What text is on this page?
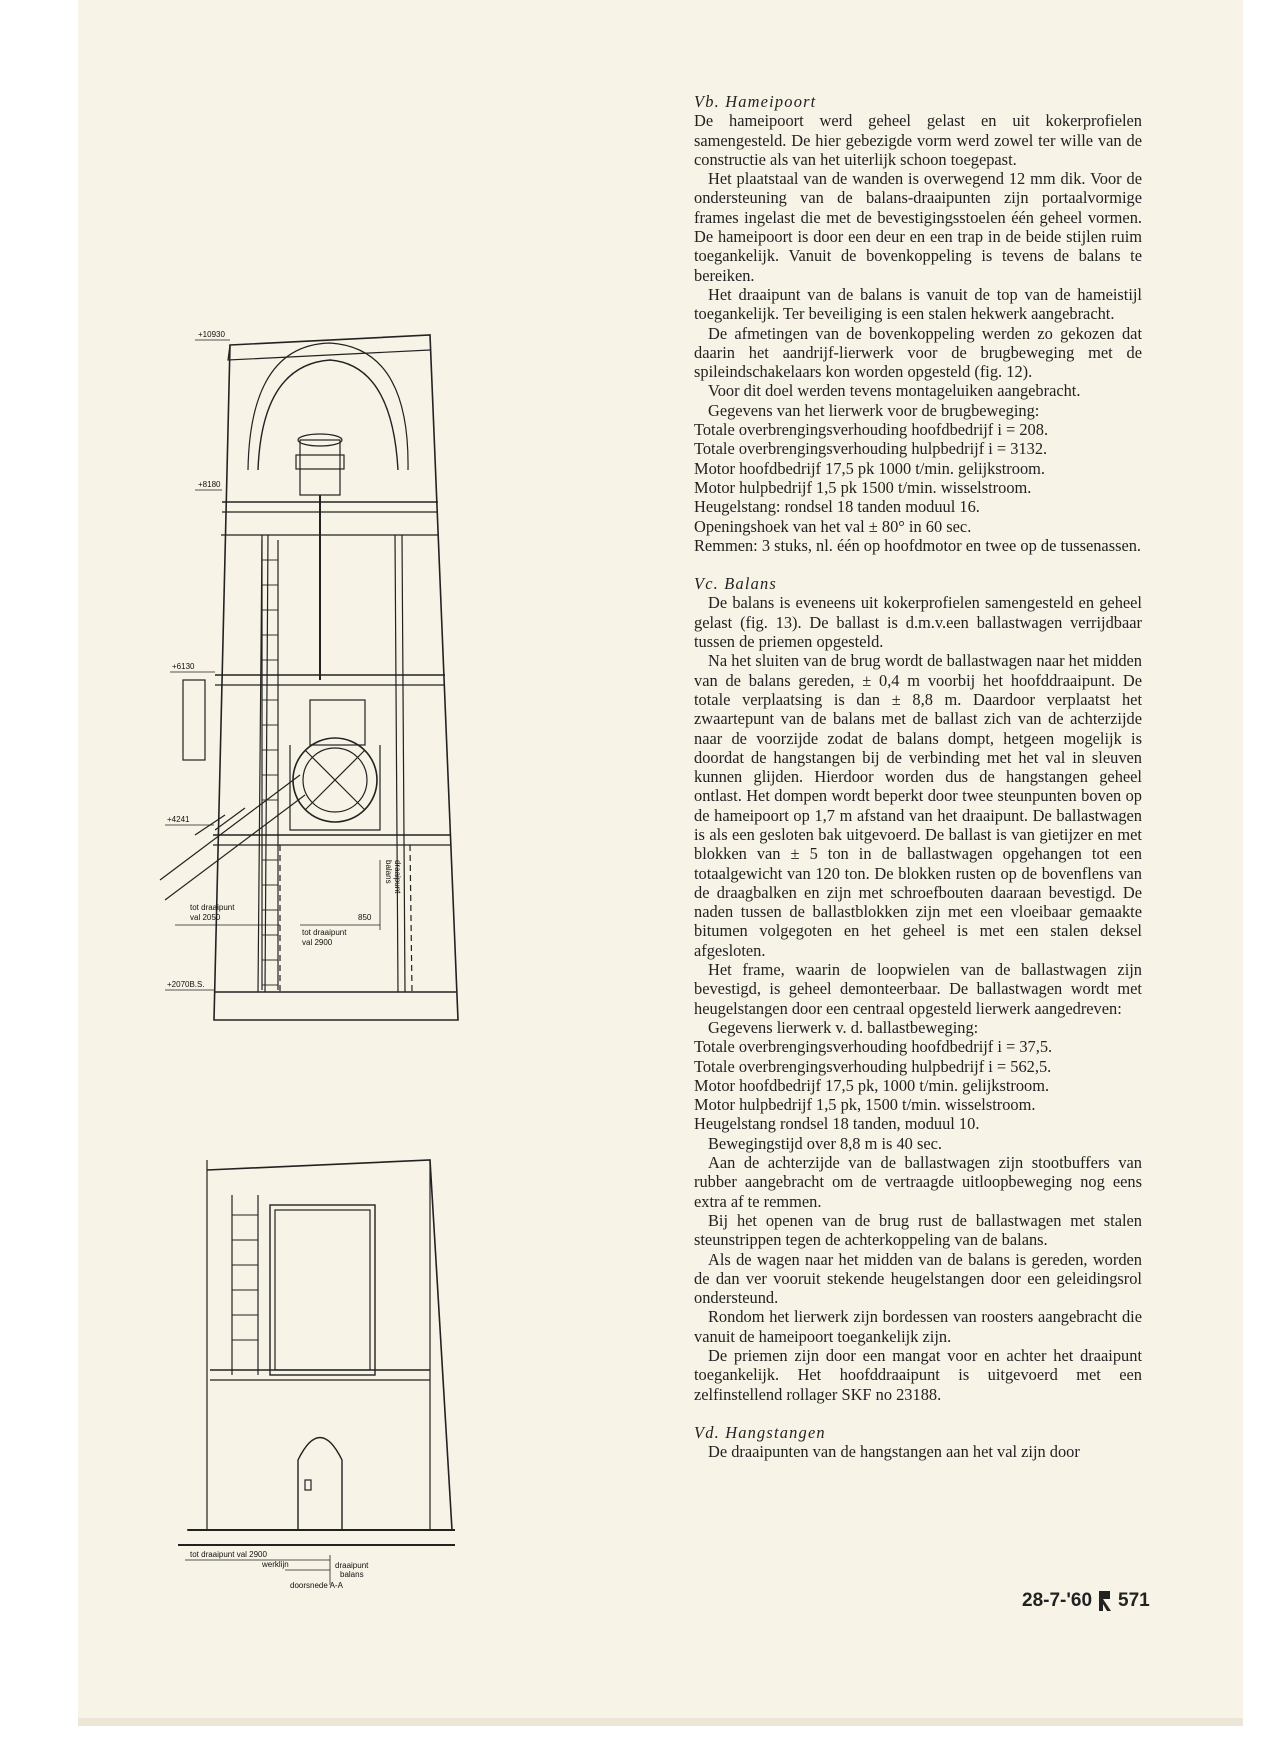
+10930
+8180
+6130
+4241
+2070B.S.
tot draaipunt
val 2050	850
tot draaipunt
val 2900
draaipunt
balans
tot draaipunt val 2900
werklijn	draaipunt
balans
doorsnede A-A

Vb. Hameipoort

De hameipoort werd geheel gelast en uit kokerprofielen samengesteld. De hier gebezigde vorm werd zowel ter wille van de constructie als van het uiterlijk schoon toegepast.

Het plaatstaal van de wanden is overwegend 12 mm dik. Voor de ondersteuning van de balans-draaipunten zijn portaalvormige frames ingelast die met de bevestigingsstoelen één geheel vormen. De hameipoort is door een deur en een trap in de beide stijlen ruim toegankelijk. Vanuit de bovenkoppeling is tevens de balans te bereiken.

Het draaipunt van de balans is vanuit de top van de hameistijl toegankelijk. Ter beveiliging is een stalen hekwerk aangebracht.

De afmetingen van de bovenkoppeling werden zo gekozen dat daarin het aandrijf-lierwerk voor de brugbeweging met de spileindschakelaars kon worden opgesteld (fig. 12).

Voor dit doel werden tevens montageluiken aangebracht.

Gegevens van het lierwerk voor de brugbeweging:

Totale overbrengingsverhouding hoofdbedrijf i = 208.

Totale overbrengingsverhouding hulpbedrijf i = 3132.

Motor hoofdbedrijf 17,5 pk 1000 t/min. gelijkstroom.

Motor hulpbedrijf 1,5 pk 1500 t/min. wisselstroom.

Heugelstang: rondsel 18 tanden moduul 16.

Openingshoek van het val ± 80° in 60 sec.

Remmen: 3 stuks, nl. één op hoofdmotor en twee op de tussenassen.

Vc. Balans

De balans is eveneens uit kokerprofielen samengesteld en geheel gelast (fig. 13). De ballast is d.m.v.een ballastwagen verrijdbaar tussen de priemen opgesteld.

Na het sluiten van de brug wordt de ballastwagen naar het midden van de balans gereden, ± 0,4 m voorbij het hoofddraaipunt. De totale verplaatsing is dan ± 8,8 m. Daardoor verplaatst het zwaartepunt van de balans met de ballast zich van de achterzijde naar de voorzijde zodat de balans dompt, hetgeen mogelijk is doordat de hangstangen bij de verbinding met het val in sleuven kunnen glijden. Hierdoor worden dus de hangstangen geheel ontlast. Het dompen wordt beperkt door twee steunpunten boven op de hameipoort op 1,7 m afstand van het draaipunt. De ballastwagen is als een gesloten bak uitgevoerd. De ballast is van gietijzer en met blokken van ± 5 ton in de ballastwagen opgehangen tot een totaalgewicht van 120 ton. De blokken rusten op de bovenflens van de draagbalken en zijn met schroefbouten daaraan bevestigd. De naden tussen de ballastblokken zijn met een vloeibaar gemaakte bitumen volgegoten en het geheel is met een stalen deksel afgesloten.

Het frame, waarin de loopwielen van de ballastwagen zijn bevestigd, is geheel demonteerbaar. De ballastwagen wordt met heugelstangen door een centraal opgesteld lierwerk aangedreven:

Gegevens lierwerk v. d. ballastbeweging:

Totale overbrengingsverhouding hoofdbedrijf i = 37,5.

Totale overbrengingsverhouding hulpbedrijf i = 562,5.

Motor hoofdbedrijf 17,5 pk, 1000 t/min. gelijkstroom.

Motor hulpbedrijf 1,5 pk, 1500 t/min. wisselstroom.

Heugelstang rondsel 18 tanden, moduul 10.

Bewegingstijd over 8,8 m is 40 sec.

Aan de achterzijde van de ballastwagen zijn stootbuffers van rubber aangebracht om de vertraagde uitloopbeweging nog eens extra af te remmen.

Bij het openen van de brug rust de ballastwagen met stalen steunstrippen tegen de achterkoppeling van de balans.

Als de wagen naar het midden van de balans is gereden, worden de dan ver vooruit stekende heugelstangen door een geleidingsrol ondersteund.

Rondom het lierwerk zijn bordessen van roosters aangebracht die vanuit de hameipoort toegankelijk zijn.

De priemen zijn door een mangat voor en achter het draaipunt toegankelijk. Het hoofddraaipunt is uitgevoerd met een zelfinstellend rollager SKF no 23188.

Vd. Hangstangen

De draaipunten van de hangstangen aan het val zijn door

28-7-'60 571
